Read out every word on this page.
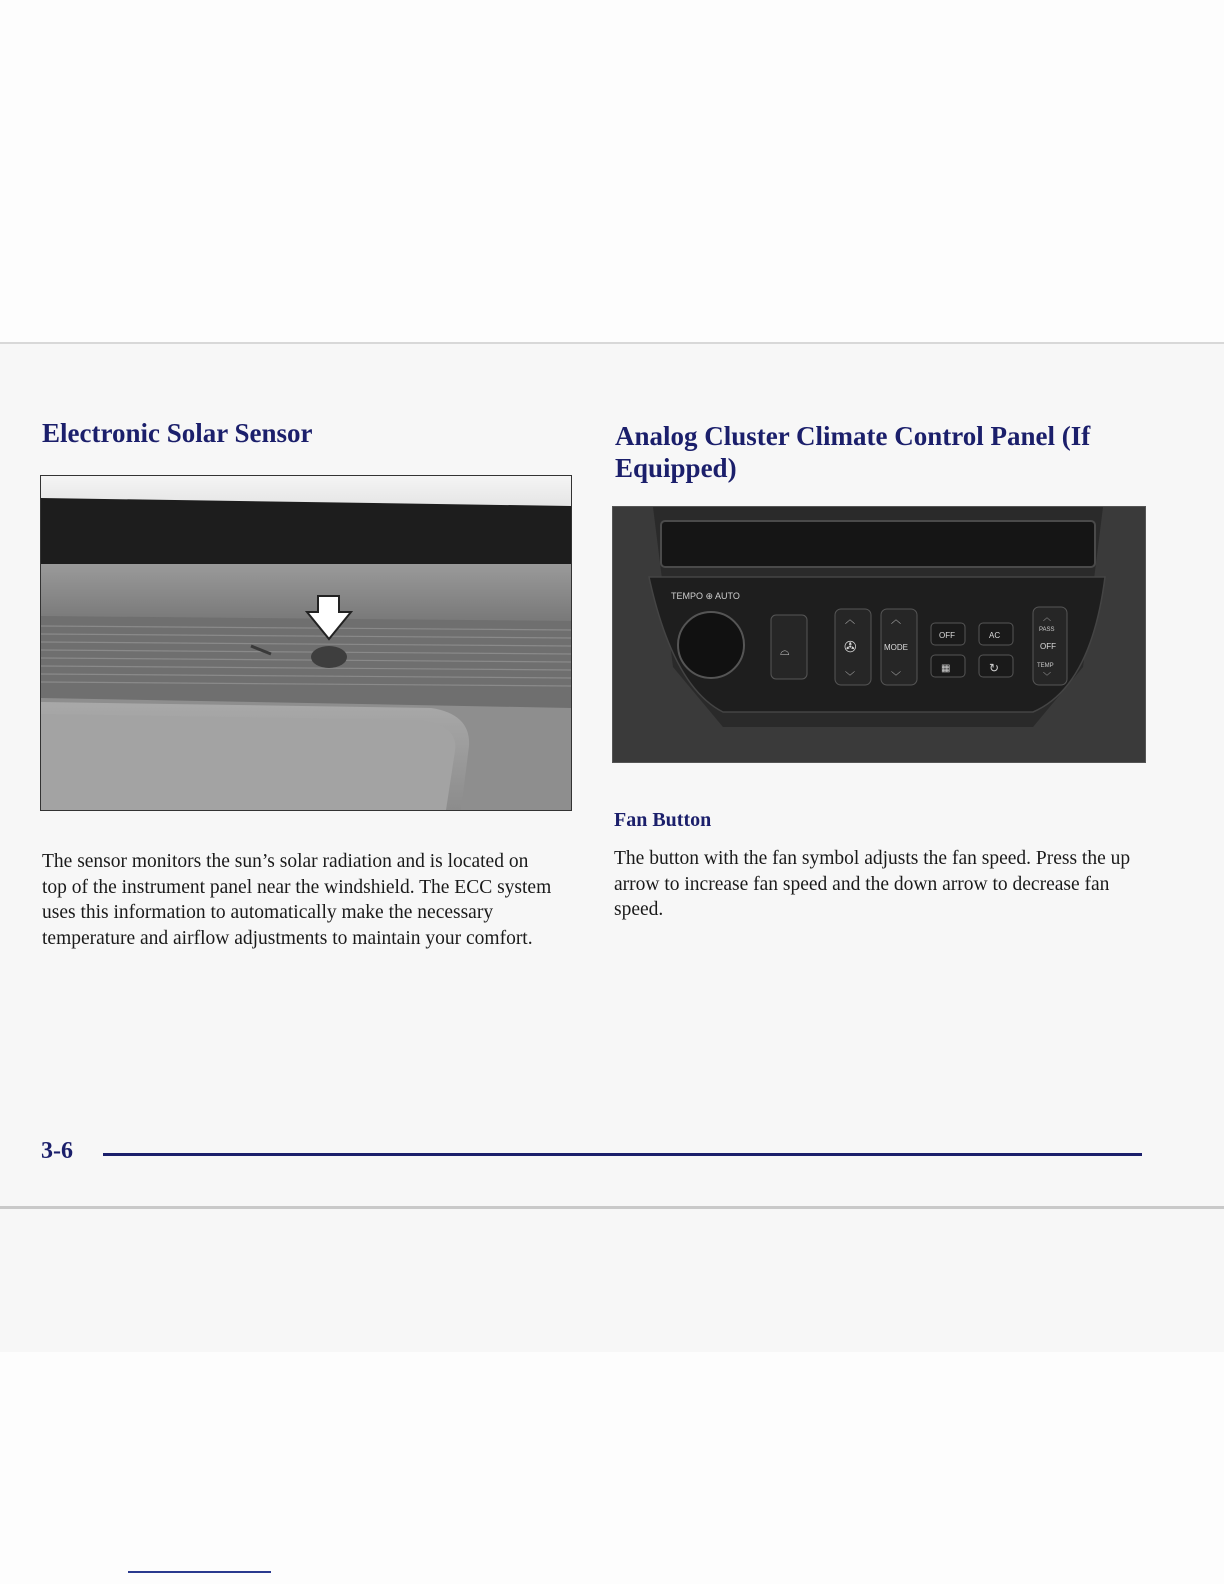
Electronic Solar Sensor	Analog Cluster Climate Control Panel (If Equipped)
TEMPO ⊕ AUTO
⌓
︿
✇
﹀
︿
MODE
﹀
OFF	AC
▦	↻
︿
PASS
OFF
TEMP
﹀
Fan Button

The sensor monitors the sun’s solar radiation and is located on top of the instrument panel near the windshield. The ECC system uses this information to automatically make the necessary temperature and airflow adjustments to maintain your comfort.

The button with the fan symbol adjusts the fan speed. Press the up arrow to increase fan speed and the down arrow to decrease fan speed.

3-6
